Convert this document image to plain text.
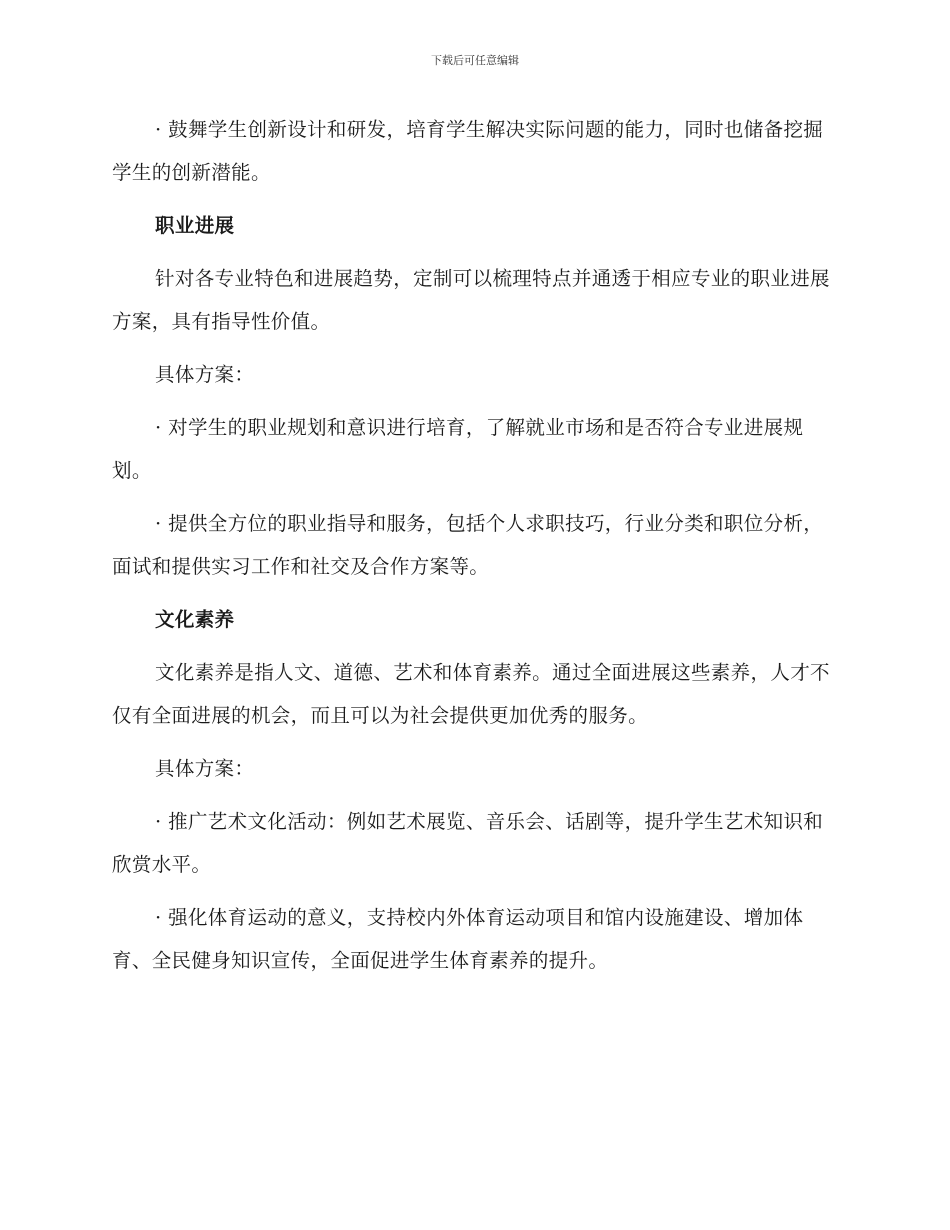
下载后可任意编辑

· 鼓舞学生创新设计和研发，培育学生解决实际问题的能力，同时也储备挖掘学生的创新潜能。

职业进展

针对各专业特色和进展趋势，定制可以梳理特点并通透于相应专业的职业进展方案，具有指导性价值。

具体方案：

· 对学生的职业规划和意识进行培育，了解就业市场和是否符合专业进展规划。

· 提供全方位的职业指导和服务，包括个人求职技巧，行业分类和职位分析，面试和提供实习工作和社交及合作方案等。

文化素养

文化素养是指人文、道德、艺术和体育素养。通过全面进展这些素养，人才不仅有全面进展的机会，而且可以为社会提供更加优秀的服务。

具体方案：

· 推广艺术文化活动：例如艺术展览、音乐会、话剧等，提升学生艺术知识和欣赏水平。

· 强化体育运动的意义，支持校内外体育运动项目和馆内设施建设、增加体育、全民健身知识宣传，全面促进学生体育素养的提升。
